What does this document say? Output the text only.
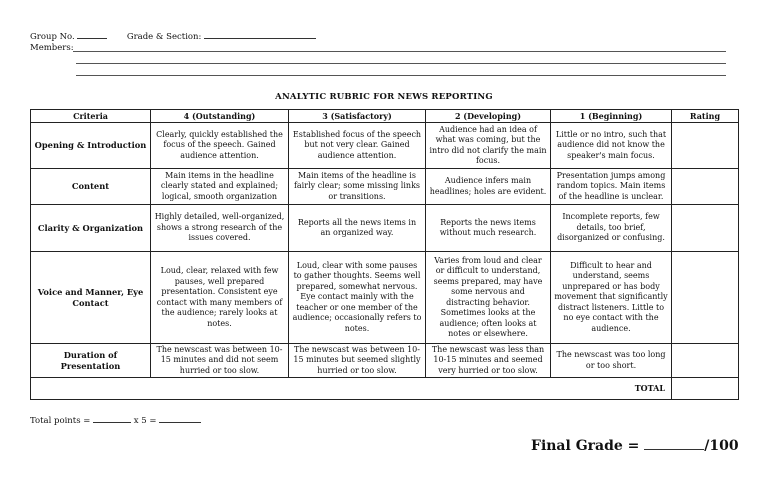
Group No.	Grade & Section:
Members:
ANALYTIC RUBRIC FOR NEWS REPORTING
Criteria	4 (Outstanding)	3 (Satisfactory)	2 (Developing)	1 (Beginning)	Rating
Opening & Introduction	Clearly, quickly established the focus of the speech. Gained audience attention.	Established focus of the speech but not very clear. Gained audience attention.	Audience had an idea of what was coming, but the intro did not clarify the main focus.	Little or no intro, such that audience did not know the speaker's main focus.	
Content	Main items in the headline clearly stated and explained; logical, smooth organization	Main items of the headline is fairly clear; some missing links or transitions.	Audience infers main headlines; holes are evident.	Presentation jumps among random topics. Main items of the headline is unclear.	
Clarity & Organization	Highly detailed, well-organized, shows a strong research of the issues covered.	Reports all the news items in an organized way.	Reports the news items without much research.	Incomplete reports, few details, too brief, disorganized or confusing.	
Voice and Manner, Eye Contact	Loud, clear, relaxed with few pauses, well prepared presentation. Consistent eye contact with many members of the audience; rarely looks at notes.	Loud, clear with some pauses to gather thoughts. Seems well prepared, somewhat nervous. Eye contact mainly with the teacher or one member of the audience; occasionally refers to notes.	Varies from loud and clear or difficult to understand, seems prepared, may have some nervous and distracting behavior. Sometimes looks at the audience; often looks at notes or elsewhere.	Difficult to hear and understand, seems unprepared or has body movement that significantly distract listeners. Little to no eye contact with the audience.	
Duration of Presentation	The newscast was between 10-15 minutes and did not seem hurried or too slow.	The newscast was between 10-15 minutes but seemed slightly hurried or too slow.	The newscast was less than 10-15 minutes and seemed very hurried or too slow.	The newscast was too long or too short.	
TOTAL					
Total points =	x 5 =
Final Grade =	/100
